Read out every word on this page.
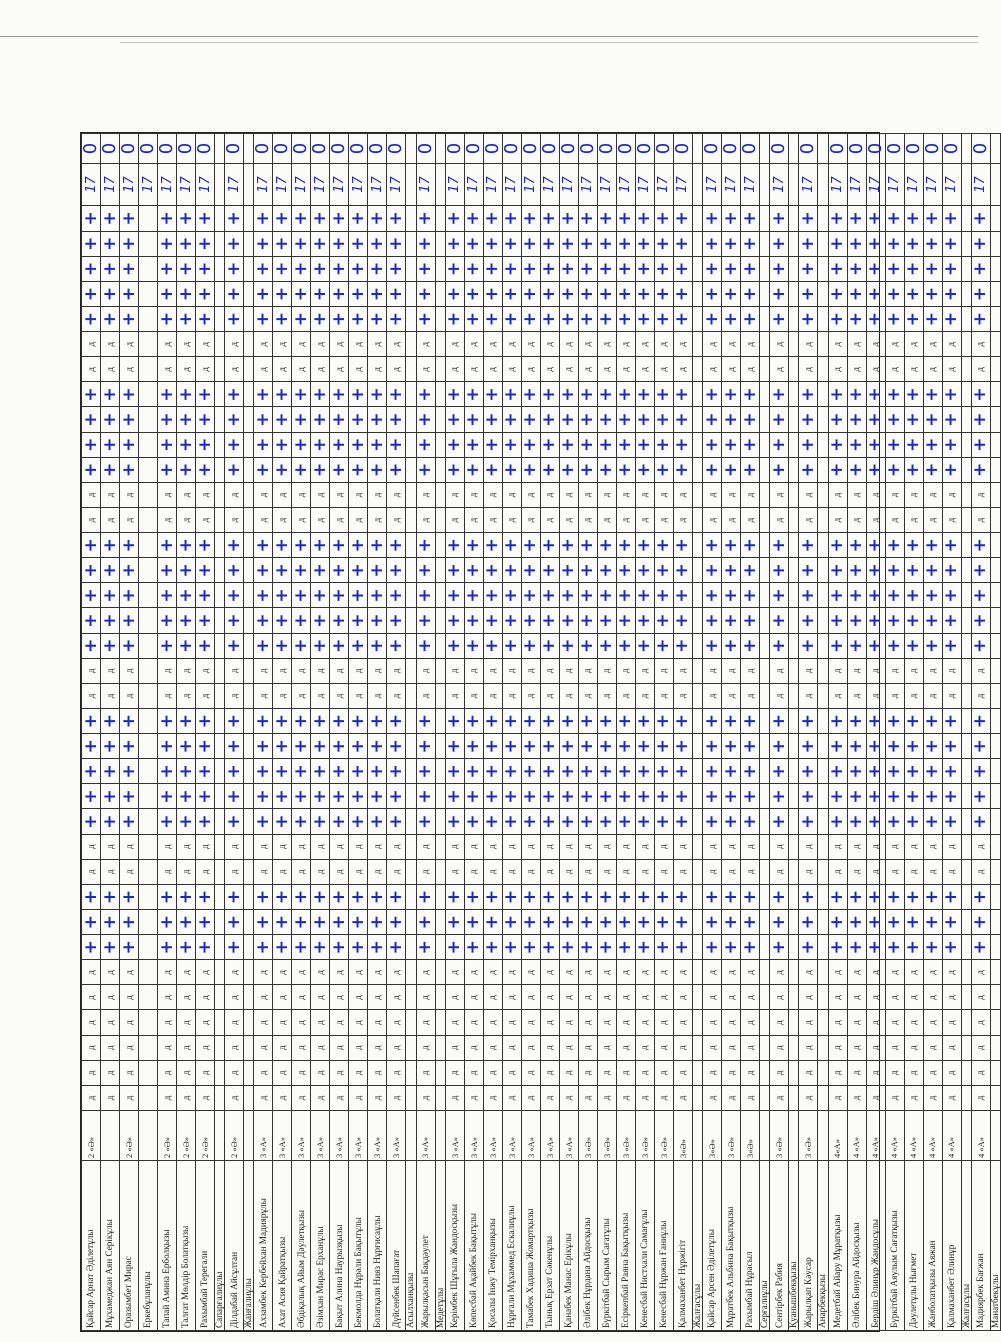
Қайсар Арнат Әділетұлы	2 «Ә»	д	д	д	д	д	д	+	+	+	д	д	+	+	+	+	+	д	д	+	+	+	+	+	д	д	+	+	+	+	д	д	+	+	+	+	+	17	0
Мұхамеджан Аян Серікұлы		д	д	д	д	д	д	+	+	+	д	д	+	+	+	+	+	д	д	+	+	+	+	+	д	д	+	+	+	+	д	д	+	+	+	+	+	17	0
Оразымбет Мирас	2 «Ә»	д	д	д	д	д	д	+	+	+	д	д	+	+	+	+	+	д	д	+	+	+	+	+	д	д	+	+	+	+	д	д	+	+	+	+	+	17	0
Еркебұланұлы																																						17	0
Тапай Амина Ерболқызы	2 «Ә»	д	д	д	д	д	д	+	+	+	д	д	+	+	+	+	+	д	д	+	+	+	+	+	д	д	+	+	+	+	д	д	+	+	+	+	+	17	0
Талғат Мөлдір Болатқызы	2 «Ә»	д	д	д	д	д	д	+	+	+	д	д	+	+	+	+	+	д	д	+	+	+	+	+	д	д	+	+	+	+	д	д	+	+	+	+	+	17	0
Рахымбай Терегали	2 «Ә»	д	д	д	д	д	д	+	+	+	д	д	+	+	+	+	+	д	д	+	+	+	+	+	д	д	+	+	+	+	д	д	+	+	+	+	+	17	0
Сапарғалиұлы																																							
Ділдабай Айсұлтан	2 «Ә»	д	д	д	д	д	д	+	+	+	д	д	+	+	+	+	+	д	д	+	+	+	+	+	д	д	+	+	+	+	д	д	+	+	+	+	+	17	0
Жанғалиұлы																																							
Ахзамбек Кербейхан Мадиярұлы	3 «А»	д	д	д	д	д	д	+	+	+	д	д	+	+	+	+	+	д	д	+	+	+	+	+	д	д	+	+	+	+	д	д	+	+	+	+	+	17	0
Ахат Асия Қайратқызы	3 «А»	д	д	д	д	д	д	+	+	+	д	д	+	+	+	+	+	д	д	+	+	+	+	+	д	д	+	+	+	+	д	д	+	+	+	+	+	17	0
Әбдіқалық Айым Дәулетқызы	3 «А»	д	д	д	д	д	д	+	+	+	д	д	+	+	+	+	+	д	д	+	+	+	+	+	д	д	+	+	+	+	д	д	+	+	+	+	+	17	0
Әзімхан Мирас Ерханұлы	3 «А»	д	д	д	д	д	д	+	+	+	д	д	+	+	+	+	+	д	д	+	+	+	+	+	д	д	+	+	+	+	д	д	+	+	+	+	+	17	0
Бақыт Алина Наурызқызы	3 «А»	д	д	д	д	д	д	+	+	+	д	д	+	+	+	+	+	д	д	+	+	+	+	+	д	д	+	+	+	+	д	д	+	+	+	+	+	17	0
Бекмолда Нұрәли Бақытұлы	3 «А»	д	д	д	д	д	д	+	+	+	д	д	+	+	+	+	+	д	д	+	+	+	+	+	д	д	+	+	+	+	д	д	+	+	+	+	+	17	0
Болатқали Нияз Нұрғисаұлы	3 «А»	д	д	д	д	д	д	+	+	+	д	д	+	+	+	+	+	д	д	+	+	+	+	+	д	д	+	+	+	+	д	д	+	+	+	+	+	17	0
Дүйсенбек Шапағат	3 «А»	д	д	д	д	д	д	+	+	+	д	д	+	+	+	+	+	д	д	+	+	+	+	+	д	д	+	+	+	+	д	д	+	+	+	+	+	17	0
Асылханқызы																																							
Жарылқасын Бақдәулет	3 «А»	д	д	д	д	д	д	+	+	+	д	д	+	+	+	+	+	д	д	+	+	+	+	+	д	д	+	+	+	+	д	д	+	+	+	+	+	17	0
Медетұлы																																							
Керімбек Шұғыла Жандосқызы	3 «А»	д	д	д	д	д	д	+	+	+	д	д	+	+	+	+	+	д	д	+	+	+	+	+	д	д	+	+	+	+	д	д	+	+	+	+	+	17	0
Көпесбай Ақайбек Бақытұлы	3 «А»	д	д	д	д	д	д	+	+	+	д	д	+	+	+	+	+	д	д	+	+	+	+	+	д	д	+	+	+	+	д	д	+	+	+	+	+	17	0
Қосалы Інжу Темірханқызы	3 «А»	д	д	д	д	д	д	+	+	+	д	д	+	+	+	+	+	д	д	+	+	+	+	+	д	д	+	+	+	+	д	д	+	+	+	+	+	17	0
Нұрғали Мұхаммед Ескалиұлы	3 «А»	д	д	д	д	д	д	+	+	+	д	д	+	+	+	+	+	д	д	+	+	+	+	+	д	д	+	+	+	+	д	д	+	+	+	+	+	17	0
Тамабек Хадиша Жомартқызы	3 «А»	д	д	д	д	д	д	+	+	+	д	д	+	+	+	+	+	д	д	+	+	+	+	+	д	д	+	+	+	+	д	д	+	+	+	+	+	17	0
Тынық Ерзат Сәкенұлы	3 «А»	д	д	д	д	д	д	+	+	+	д	д	+	+	+	+	+	д	д	+	+	+	+	+	д	д	+	+	+	+	д	д	+	+	+	+	+	17	0
Қанабек Манас Ерікұлы	3 «А»	д	д	д	д	д	д	+	+	+	д	д	+	+	+	+	+	д	д	+	+	+	+	+	д	д	+	+	+	+	д	д	+	+	+	+	+	17	0
Әлібек Нұрдана Айдосқызы	3 «Ә»	д	д	д	д	д	д	+	+	+	д	д	+	+	+	+	+	д	д	+	+	+	+	+	д	д	+	+	+	+	д	д	+	+	+	+	+	17	0
Бүркітбай Сырым Сағатұлы	3 «Ә»	д	д	д	д	д	д	+	+	+	д	д	+	+	+	+	+	д	д	+	+	+	+	+	д	д	+	+	+	+	д	д	+	+	+	+	+	17	0
Есіркепбай Раяна Бақытқызы	3 «Ә»	д	д	д	д	д	д	+	+	+	д	д	+	+	+	+	+	д	д	+	+	+	+	+	д	д	+	+	+	+	д	д	+	+	+	+	+	17	0
Кенесбай Нистхали Самағұлы	3 «Ә»	д	д	д	д	д	д	+	+	+	д	д	+	+	+	+	+	д	д	+	+	+	+	+	д	д	+	+	+	+	д	д	+	+	+	+	+	17	0
Кенесбай Нұржан Ғаниұлы	3 «Ә»	д	д	д	д	д	д	+	+	+	д	д	+	+	+	+	+	д	д	+	+	+	+	+	д	д	+	+	+	+	д	д	+	+	+	+	+	17	0
Қалмаханбет Нұржігіт	3«Ә»	д	д	д	д	д	д	+	+	+	д	д	+	+	+	+	+	д	д	+	+	+	+	+	д	д	+	+	+	+	д	д	+	+	+	+	+	17	0
Жалғасұлы																																							
Қайсар Арсен Әділетұлы	3«Ә»	д	д	д	д	д	д	+	+	+	д	д	+	+	+	+	+	д	д	+	+	+	+	+	д	д	+	+	+	+	д	д	+	+	+	+	+	17	0
Мұратбек Альбина Бақытқызы	3 «Ә»	д	д	д	д	д	д	+	+	+	д	д	+	+	+	+	+	д	д	+	+	+	+	+	д	д	+	+	+	+	д	д	+	+	+	+	+	17	0
Рахымбай Нұрасыл	3«Ә»	д	д	д	д	д	д	+	+	+	д	д	+	+	+	+	+	д	д	+	+	+	+	+	д	д	+	+	+	+	д	д	+	+	+	+	+	17	0
Серғалиұлы																																							
Сентірбек Рабия	3 «Ә»	д	д	д	д	д	д	+	+	+	д	д	+	+	+	+	+	д	д	+	+	+	+	+	д	д	+	+	+	+	д	д	+	+	+	+	+	17	0
Қуанышбекқызы																																							
Жарылқап Кәусар	3 «Ә»	д	д	д	д	д	д	+	+	+	д	д	+	+	+	+	+	д	д	+	+	+	+	+	д	д	+	+	+	+	д	д	+	+	+	+	+	17	0
Анарбекқызы																																							
Медетбай Айару Мұратқызы	4«А»	д	д	д	д	д	д	+	+	+	д	д	+	+	+	+	+	д	д	+	+	+	+	+	д	д	+	+	+	+	д	д	+	+	+	+	+	17	0
Әлібек Бинура Айдосқызы	4 «А»	д	д	д	д	д	д	+	+	+	д	д	+	+	+	+	+	д	д	+	+	+	+	+	д	д	+	+	+	+	д	д	+	+	+	+	+	17	0
Бердіш Әлинұр Жандосұлы	4 «А»	д	д	д	д	д	д	+	+	+	д	д	+	+	+	+	+	д	д	+	+	+	+	+	д	д	+	+	+	+	д	д	+	+	+	+	+	17	0
Бүркітбай Аяулым Сағатқызы	4 «А»	д	д	д	д	д	д	+	+	+	д	д	+	+	+	+	+	д	д	+	+	+	+	+	д	д	+	+	+	+	д	д	+	+	+	+	+	17	0
Дәулетұлы Нығмет	4 «А»	д	д	д	д	д	д	+	+	+	д	д	+	+	+	+	+	д	д	+	+	+	+	+	д	д	+	+	+	+	д	д	+	+	+	+	+	17	0
Жанболатқызы Аяжан	4 «А»	д	д	д	д	д	д	+	+	+	д	д	+	+	+	+	+	д	д	+	+	+	+	+	д	д	+	+	+	+	д	д	+	+	+	+	+	17	0
Қалмаханбет Әлинұр	4 «А»	д	д	д	д	д	д	+	+	+	д	д	+	+	+	+	+	д	д	+	+	+	+	+	д	д	+	+	+	+	д	д	+	+	+	+	+	17	0
Жалғасұлы																																							
Мадиярбек Бағжан	4 «А»	д	д	д	д	д	д	+	+	+	д	д	+	+	+	+	+	д	д	+	+	+	+	+	д	д	+	+	+	+	д	д	+	+	+	+	+	17	0
Манатбекұлы																																							
